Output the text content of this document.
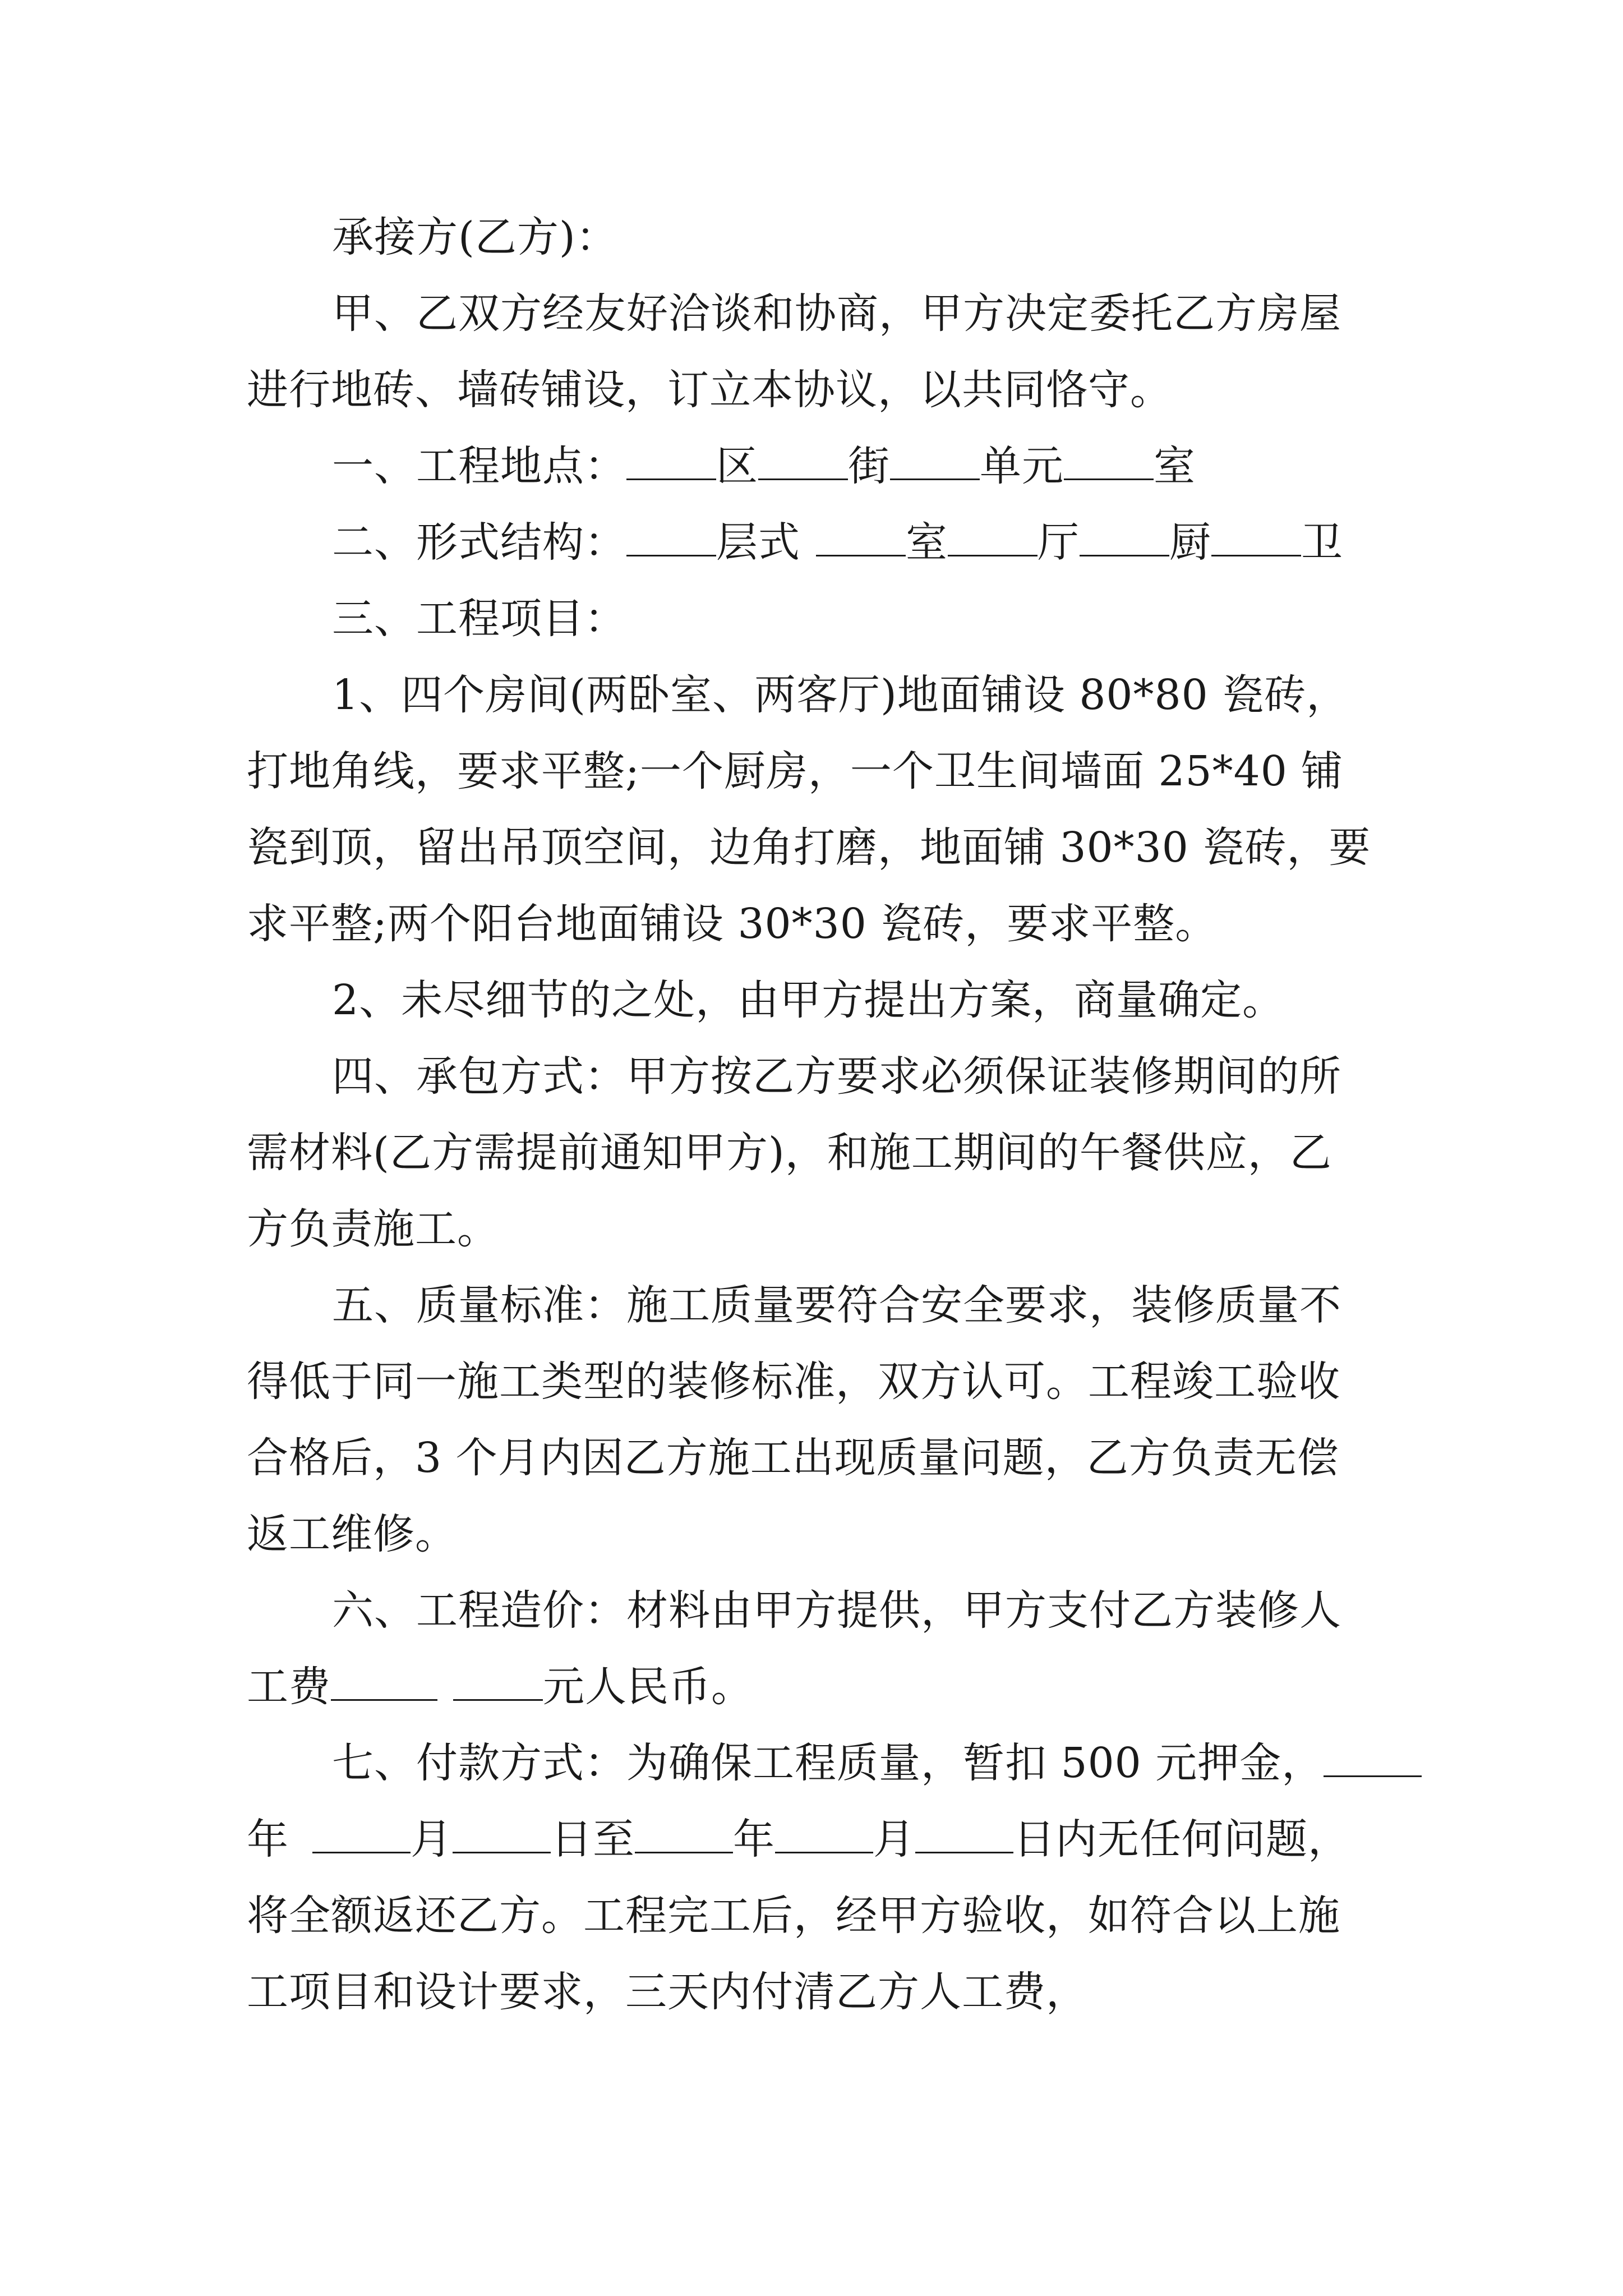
承接方(乙方)：
甲、乙双方经友好洽谈和协商，甲方决定委托乙方房屋
进行地砖、墙砖铺设，订立本协议，以共同恪守。
一、工程地点： 区 街 单元 室
二、形式结构： 层式	室 厅 厨 卫
三、工程项目：
1、四个房间(两卧室、两客厅)地面铺设 80*80 瓷砖，
打地角线，要求平整;一个厨房，一个卫生间墙面 25*40 铺
瓷到顶，留出吊顶空间，边角打磨，地面铺 30*30 瓷砖，要
求平整;两个阳台地面铺设 30*30 瓷砖，要求平整。
2、未尽细节的之处，由甲方提出方案，商量确定。
四、承包方式：甲方按乙方要求必须保证装修期间的所
需材料(乙方需提前通知甲方)，和施工期间的午餐供应，乙
方负责施工。
五、质量标准：施工质量要符合安全要求，装修质量不
得低于同一施工类型的装修标准，双方认可。工程竣工验收
合格后，3 个月内因乙方施工出现质量问题，乙方负责无偿
返工维修。
六、工程造价：材料由甲方提供，甲方支付乙方装修人
工费	元人民币。
七、付款方式：为确保工程质量，暂扣 500 元押金，
年	月 日至 年 月 日内无任何问题，
将全额返还乙方。工程完工后，经甲方验收，如符合以上施
工项目和设计要求，三天内付清乙方人工费，
